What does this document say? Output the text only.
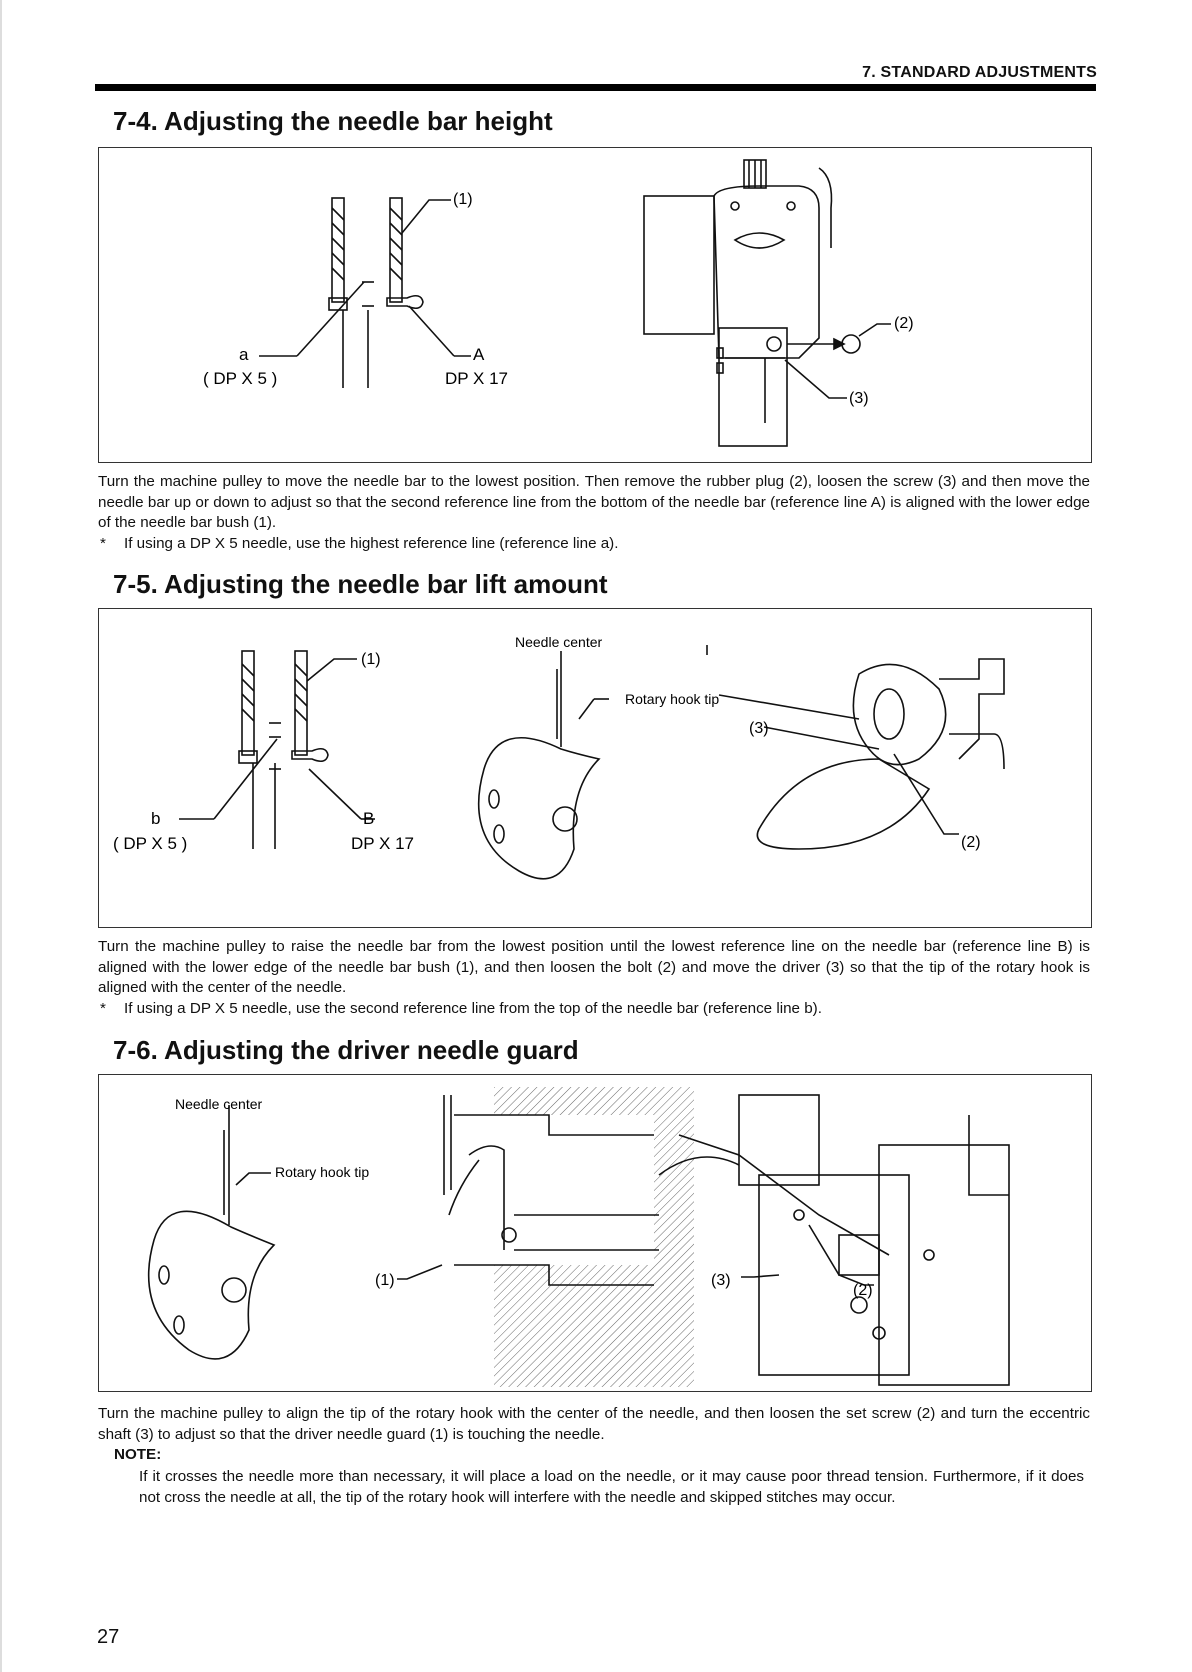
7. STANDARD ADJUSTMENTS
7-4. Adjusting the needle bar height
(1)
a	A
( DP X 5 )	DP X 17
(2)
(3)

Turn the machine pulley to move the needle bar to the lowest position. Then remove the rubber plug (2), loosen the screw (3) and then move the needle bar up or down to adjust so that the second reference line from the bottom of the needle bar (reference line A) is aligned with the lower edge of the needle bar bush (1).

* If using a DP X 5 needle, use the highest reference line (reference line a).
7-5. Adjusting the needle bar lift amount
(1)
b	B
( DP X 5 )	DP X 17
Needle center
Rotary hook tip
(3)
(2)

Turn the machine pulley to raise the needle bar from the lowest position until the lowest reference line on the needle bar (reference line B) is aligned with the lower edge of the needle bar bush (1), and then loosen the bolt (2) and move the driver (3) so that the tip of the rotary hook is aligned with the center of the needle.

* If using a DP X 5 needle, use the second reference line from the top of the needle bar (reference line b).
7-6. Adjusting the driver needle guard
Needle center
Rotary hook tip
(1)	(3)
(2)

Turn the machine pulley to align the tip of the rotary hook with the center of the needle, and then loosen the set screw (2) and turn the eccentric shaft (3) to adjust so that the driver needle guard (1) is touching the needle.

NOTE:

If it crosses the needle more than necessary, it will place a load on the needle, or it may cause poor thread tension. Furthermore, if it does not cross the needle at all, the tip of the rotary hook will interfere with the needle and skipped stitches may occur.

27
